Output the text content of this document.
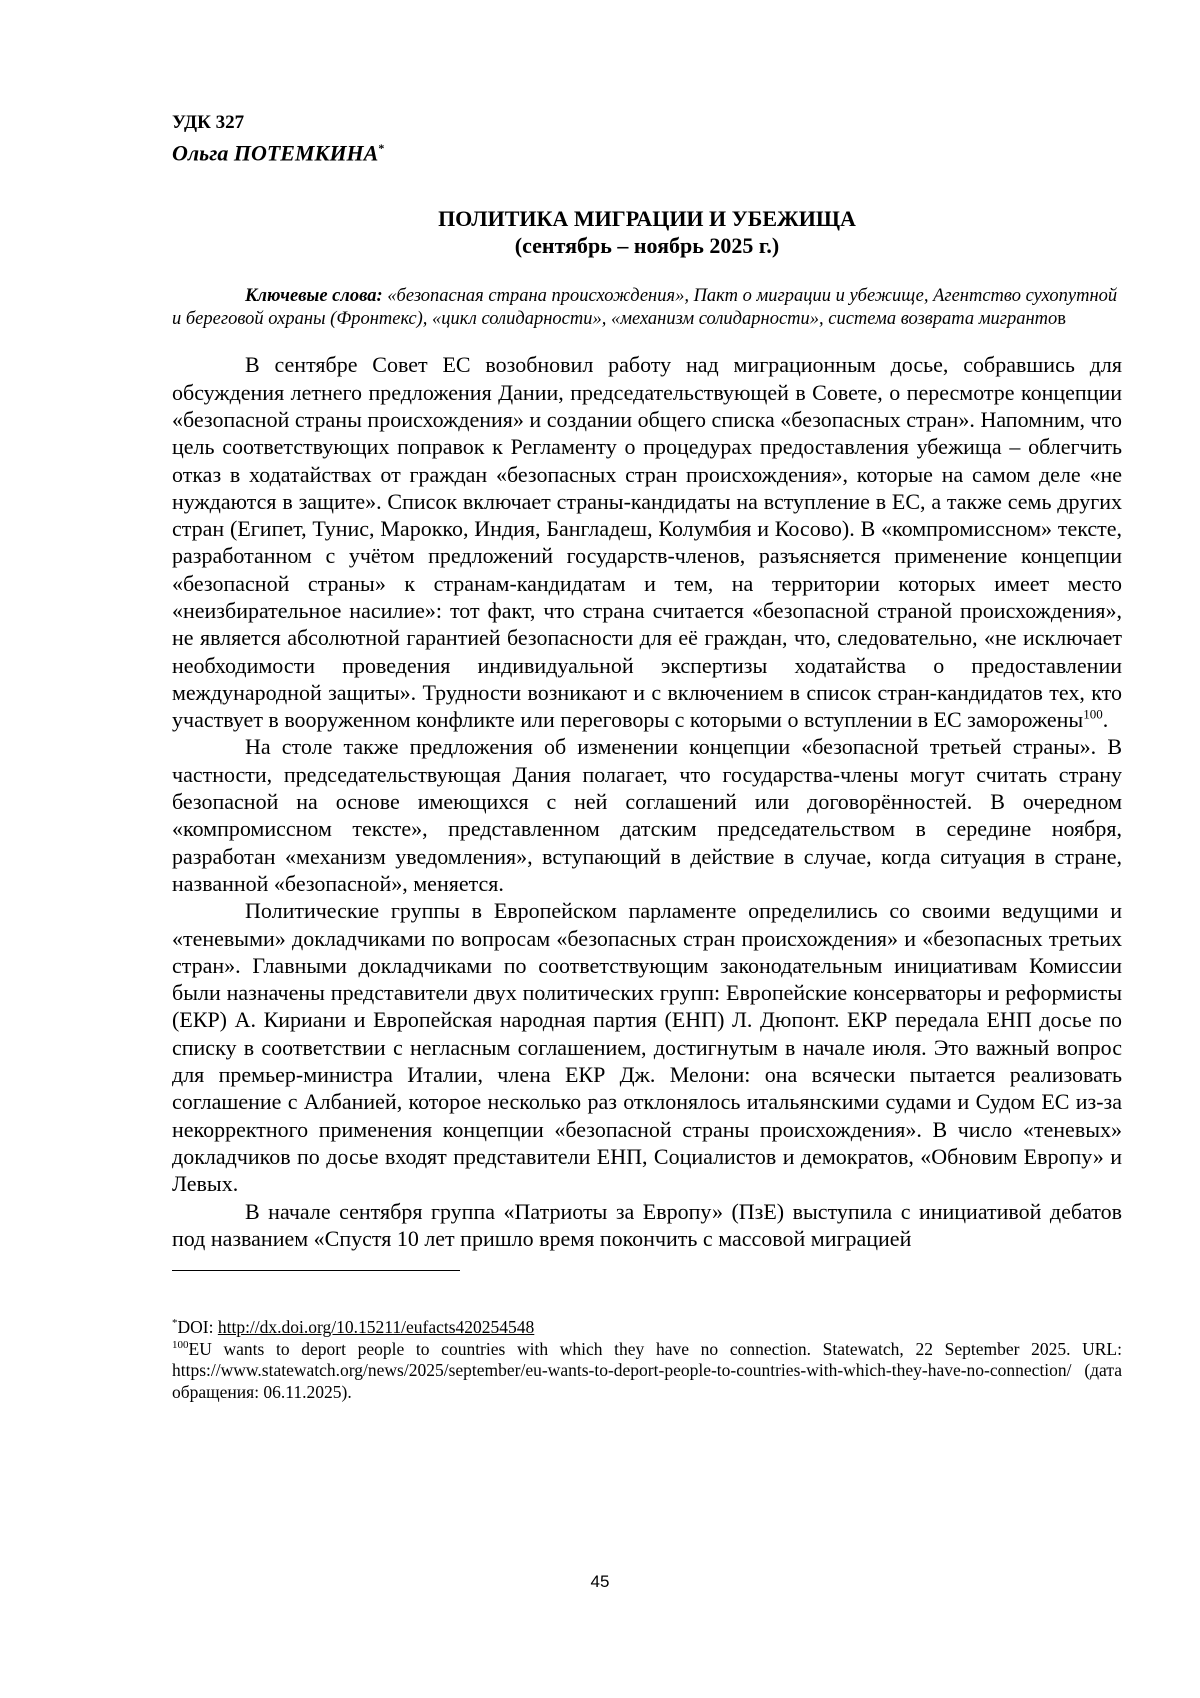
УДК 327
Ольга ПОТЕМКИНА*
ПОЛИТИКА МИГРАЦИИ И УБЕЖИЩА
(сентябрь – ноябрь 2025 г.)

Ключевые слова: «безопасная страна происхождения», Пакт о миграции и убежище, Агентство сухопутной и береговой охраны (Фронтекс), «цикл солидарности», «механизм солидарности», система возврата мигрантов

В сентябре Совет ЕС возобновил работу над миграционным досье, собравшись для обсуждения летнего предложения Дании, председательствующей в Совете, о пересмотре концепции «безопасной страны происхождения» и создании общего списка «безопасных стран». Напомним, что цель соответствующих поправок к Регламенту о процедурах предоставления убежища – облегчить отказ в ходатайствах от граждан «безопасных стран происхождения», которые на самом деле «не нуждаются в защите». Список включает страны-кандидаты на вступление в ЕС, а также семь других стран (Египет, Тунис, Марокко, Индия, Бангладеш, Колумбия и Косово). В «компромиссном» тексте, разработанном с учётом предложений государств-членов, разъясняется применение концепции «безопасной страны» к странам-кандидатам и тем, на территории которых имеет место «неизбирательное насилие»: тот факт, что страна считается «безопасной страной происхождения», не является абсолютной гарантией безопасности для её граждан, что, следовательно, «не исключает необходимости проведения индивидуальной экспертизы ходатайства о предоставлении международной защиты». Трудности возникают и с включением в список стран-кандидатов тех, кто участвует в вооруженном конфликте или переговоры с которыми о вступлении в ЕС заморожены$^{100}$.

На столе также предложения об изменении концепции «безопасной третьей страны». В частности, председательствующая Дания полагает, что государства-члены могут считать страну безопасной на основе имеющихся с ней соглашений или договорённостей. В очередном «компромиссном тексте», представленном датским председательством в середине ноября, разработан «механизм уведомления», вступающий в действие в случае, когда ситуация в стране, названной «безопасной», меняется.

Политические группы в Европейском парламенте определились со своими ведущими и «теневыми» докладчиками по вопросам «безопасных стран происхождения» и «безопасных третьих стран». Главными докладчиками по соответствующим законодательным инициативам Комиссии были назначены представители двух политических групп: Европейские консерваторы и реформисты (ЕКР) А. Кириани и Европейская народная партия (ЕНП) Л. Дюпонт. ЕКР передала ЕНП досье по списку в соответствии с негласным соглашением, достигнутым в начале июля. Это важный вопрос для премьер-министра Италии, члена ЕКР Дж. Мелони: она всячески пытается реализовать соглашение с Албанией, которое несколько раз отклонялось итальянскими судами и Судом ЕС из-за некорректного применения концепции «безопасной страны происхождения». В число «теневых» докладчиков по досье входят представители ЕНП, Социалистов и демократов, «Обновим Европу» и Левых.

В начале сентября группа «Патриоты за Европу» (ПзЕ) выступила с инициативой дебатов под названием «Спустя 10 лет пришло время покончить с массовой миграцией

*DOI: http://dx.doi.org/10.15211/eufacts420254548

$^{100}$EU wants to deport people to countries with which they have no connection. Statewatch, 22 September 2025. URL: https://www.statewatch.org/news/2025/september/eu-wants-to-deport-people-to-countries-with-which-they-have-no-connection/ (дата обращения: 06.11.2025).

45
